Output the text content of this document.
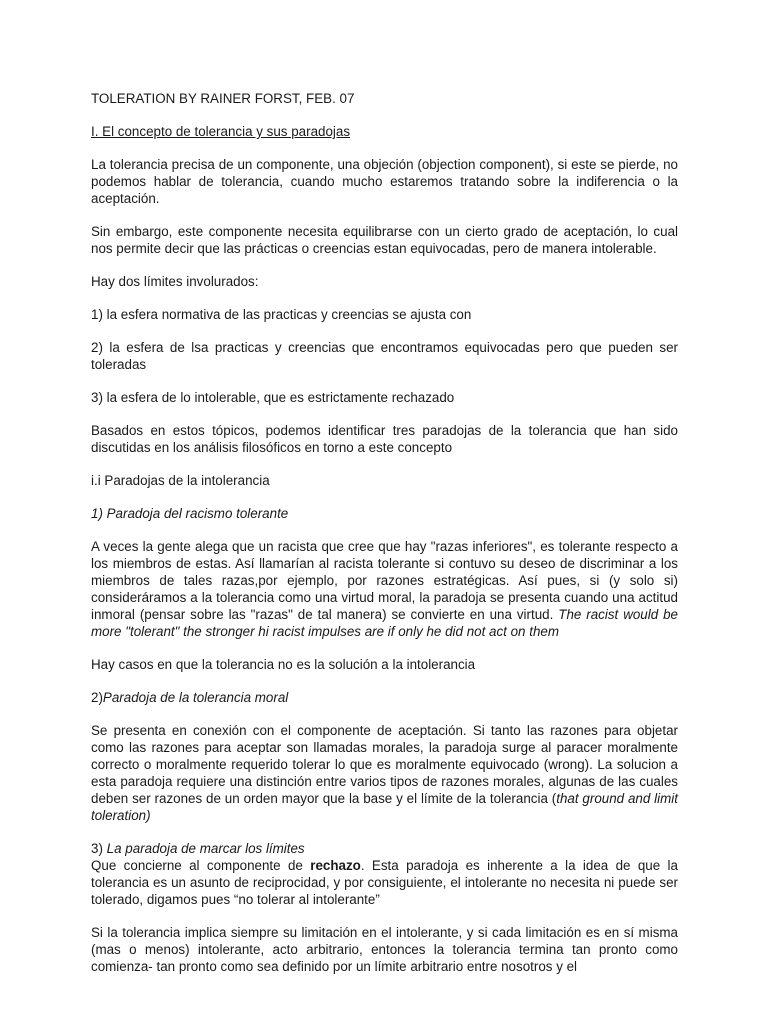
TOLERATION BY RAINER FORST, FEB. 07

I. El concepto de tolerancia y sus paradojas

La tolerancia precisa de un componente, una objeción (objection component), si este se pierde, no podemos hablar de tolerancia, cuando mucho estaremos tratando sobre la indiferencia o la aceptación.

Sin embargo, este componente necesita equilibrarse con un cierto grado de aceptación, lo cual nos permite decir que las prácticas o creencias estan equivocadas, pero de manera intolerable.

Hay dos límites involurados:

1) la esfera normativa de las practicas y creencias se ajusta con

2) la esfera de lsa practicas y creencias que encontramos equivocadas pero que pueden ser toleradas

3) la esfera de lo intolerable, que es estrictamente rechazado

Basados en estos tópicos, podemos identificar tres paradojas de la tolerancia que han sido discutidas en los análisis filosóficos en torno a este concepto

i.i Paradojas de la intolerancia

1) Paradoja del racismo tolerante

A veces la gente alega que un racista que cree que hay "razas inferiores", es tolerante respecto a los miembros de estas. Así llamarían al racista tolerante si contuvo su deseo de discriminar a los miembros de tales razas,por ejemplo, por razones estratégicas. Así pues, si (y solo si) consideráramos a la tolerancia como una virtud moral, la paradoja se presenta cuando una actitud inmoral (pensar sobre las "razas" de tal manera) se convierte en una virtud. The racist would be more "tolerant" the stronger hi racist impulses are if only he did not act on them

Hay casos en que la tolerancia no es la solución a la intolerancia

2)Paradoja de la tolerancia moral

Se presenta en conexión con el componente de aceptación. Si tanto las razones para objetar como las razones para aceptar son llamadas morales, la paradoja surge al paracer moralmente correcto o moralmente requerido tolerar lo que es moralmente equivocado (wrong). La solucion a esta paradoja requiere una distinción entre varios tipos de razones morales, algunas de las cuales deben ser razones de un orden mayor que la base y el límite de la tolerancia (that ground and limit toleration)

3) La paradoja de marcar los límites

Que concierne al componente de rechazo. Esta paradoja es inherente a la idea de que la tolerancia es un asunto de reciprocidad, y por consiguiente, el intolerante no necesita ni puede ser tolerado, digamos pues “no tolerar al intolerante”

Si la tolerancia implica siempre su limitación en el intolerante, y si cada limitación es en sí misma (mas o menos) intolerante, acto arbitrario, entonces la tolerancia termina tan pronto como comienza- tan pronto como sea definido por un límite arbitrario entre nosotros y el
